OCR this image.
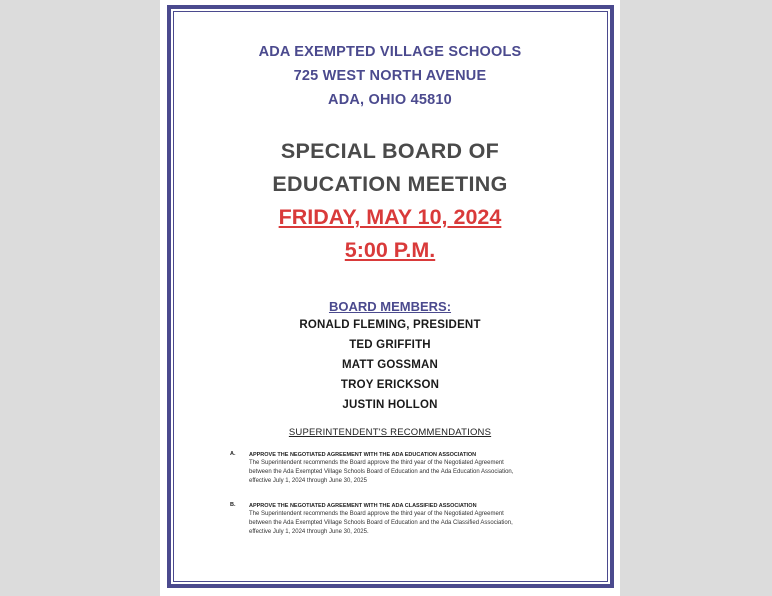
ADA EXEMPTED VILLAGE SCHOOLS
725 WEST NORTH AVENUE
ADA, OHIO 45810
SPECIAL BOARD OF
EDUCATION MEETING
FRIDAY, MAY 10, 2024
5:00 P.M.
BOARD MEMBERS:
RONALD FLEMING, PRESIDENT
TED GRIFFITH
MATT GOSSMAN
TROY ERICKSON
JUSTIN HOLLON
SUPERINTENDENT'S RECOMMENDATIONS
A. APPROVE THE NEGOTIATED AGREEMENT WITH THE ADA EDUCATION ASSOCIATION
The Superintendent recommends the Board approve the third year of the Negotiated Agreement
between the Ada Exempted Village Schools Board of Education and the Ada Education Association,
effective July 1, 2024 through June 30, 2025
B. APPROVE THE NEGOTIATED AGREEMENT WITH THE ADA CLASSIFIED ASSOCIATION
The Superintendent recommends the Board approve the third year of the Negotiated Agreement
between the Ada Exempted Village Schools Board of Education and the Ada Classified Association,
effective July 1, 2024 through June 30, 2025.
